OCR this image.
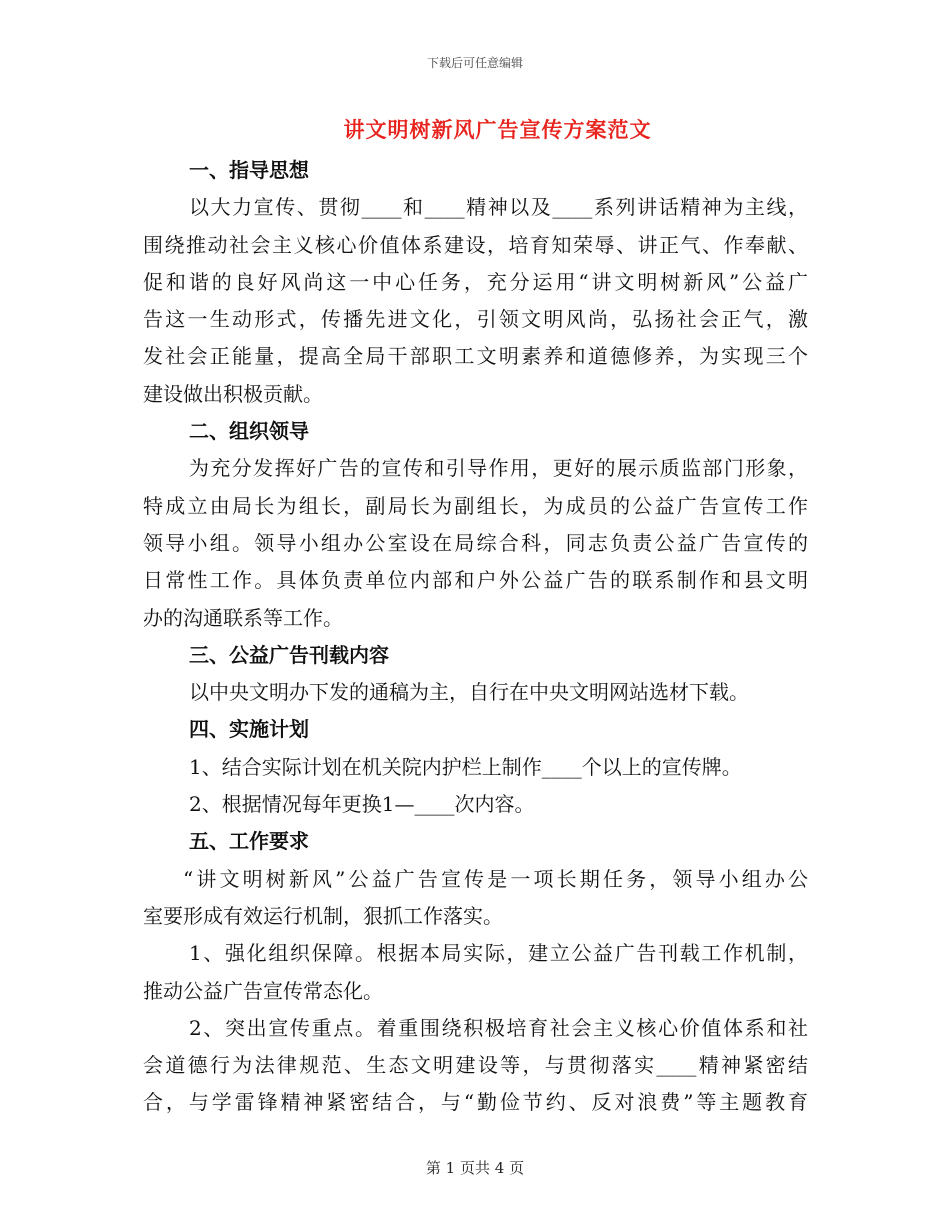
下载后可任意编辑
讲文明树新风广告宣传方案范文
一、指导思想
以大力宣传、贯彻____和____精神以及____系列讲话精神为主线，
围绕推动社会主义核心价值体系建设，培育知荣辱、讲正气、作奉献、
促和谐的良好风尚这一中心任务，充分运用“讲文明树新风”公益广
告这一生动形式，传播先进文化，引领文明风尚，弘扬社会正气，激
发社会正能量，提高全局干部职工文明素养和道德修养，为实现三个
建设做出积极贡献。
二、组织领导
为充分发挥好广告的宣传和引导作用，更好的展示质监部门形象，
特成立由局长为组长，副局长为副组长，为成员的公益广告宣传工作
领导小组。领导小组办公室设在局综合科，同志负责公益广告宣传的
日常性工作。具体负责单位内部和户外公益广告的联系制作和县文明
办的沟通联系等工作。
三、公益广告刊载内容
以中央文明办下发的通稿为主，自行在中央文明网站选材下载。
四、实施计划
1、结合实际计划在机关院内护栏上制作____个以上的宣传牌。
2、根据情况每年更换1—____次内容。
五、工作要求
“讲文明树新风”公益广告宣传是一项长期任务，领导小组办公
室要形成有效运行机制，狠抓工作落实。
1、强化组织保障。根据本局实际，建立公益广告刊载工作机制，
推动公益广告宣传常态化。
2、突出宣传重点。着重围绕积极培育社会主义核心价值体系和社
会道德行为法律规范、生态文明建设等，与贯彻落实____精神紧密结
合，与学雷锋精神紧密结合，与“勤俭节约、反对浪费”等主题教育
第 1 页共 4 页
